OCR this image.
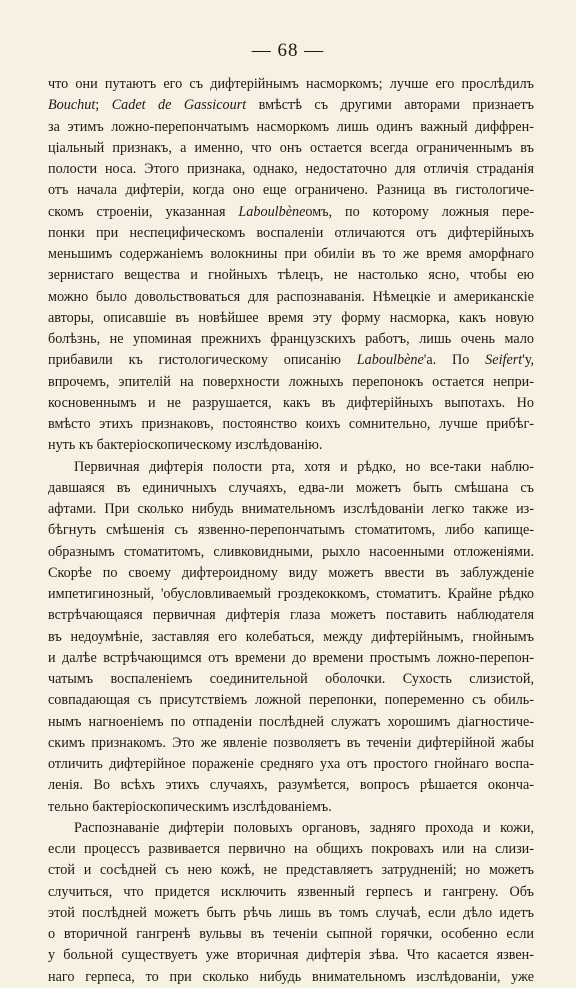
— 68 —
что они путаютъ его съ дифтерійнымъ насморкомъ; лучше его прослѣдилъ
Bouchut; Cadet de Gassicourt вмѣстѣ съ другими авторами признаетъ
за этимъ ложно-перепончатымъ насморкомъ лишь одинъ важный диффрен-
ціальный признакъ, а именно, что онъ остается всегда ограниченнымъ въ
полости носа. Этого признака, однако, недостаточно для отличія страданія
отъ начала дифтеріи, когда оно еще ограничено. Разница въ гистологиче-
скомъ строеніи, указанная Laboulbèneомъ, по которому ложныя пере-
понки при неспецифическомъ воспаленіи отличаются отъ дифтерійныхъ
меньшимъ содержаніемъ волокнины при обиліи въ то же время аморфнаго
зернистаго вещества и гнойныхъ тѣлецъ, не настолько ясно, чтобы ею
можно было довольствоваться для распознаванія. Нѣмецкіе и американскіе
авторы, описавшіе въ новѣйшее время эту форму насморка, какъ новую
болѣзнь, не упоминая прежнихъ французскихъ работъ, лишь очень мало
прибавили къ гистологическому описанію Laboulbène'а. По Seifert'у,
впрочемъ, эпителій на поверхности ложныхъ перепонокъ остается непри-
косновеннымъ и не разрушается, какъ въ дифтерійныхъ выпотахъ. Но
вмѣсто этихъ признаковъ, постоянство коихъ сомнительно, лучше прибѣг-
нуть къ бактеріоскопическому изслѣдованію.
Первичная дифтерія полости рта, хотя и рѣдко, но все-таки наблю-
давшаяся въ единичныхъ случаяхъ, едва-ли можетъ быть смѣшана съ
афтами. При сколько нибудь внимательномъ изслѣдованіи легко также из-
бѣгнуть смѣшенія съ язвенно-перепончатымъ стоматитомъ, либо капище-
образнымъ стоматитомъ, сливковидными, рыхло насоенными отложеніями.
Скорѣе по своему дифтероидному виду можетъ ввести въ заблужденіе
импетигинозный, 'обусловливаемый гроздекоккомъ, стоматитъ. Крайне рѣдко
встрѣчающаяся первичная дифтерія глаза можетъ поставить наблюдателя
въ недоумѣніе, заставляя его колебаться, между дифтерійнымъ, гнойнымъ
и далѣе встрѣчающимся отъ времени до времени простымъ ложно-перепон-
чатымъ воспаленіемъ соединительной оболочки. Сухость слизистой,
совпадающая съ присутствіемъ ложной перепонки, попеременно съ обиль-
нымъ нагноеніемъ по отпаденіи послѣдней служатъ хорошимъ діагностиче-
скимъ признакомъ. Это же явленіе позволяетъ въ теченіи дифтерійной жабы
отличить дифтерійное пораженіе средняго уха отъ простого гнойнаго воспа-
ленія. Во всѣхъ этихъ случаяхъ, разумѣется, вопросъ рѣшается оконча-
тельно бактеріоскопическимъ изслѣдованіемъ.
Распознаваніе дифтеріи половыхъ органовъ, задняго прохода и кожи,
если процессъ развивается первично на общихъ покровахъ или на слизи-
стой и сосѣдней съ нею кожѣ, не представляетъ затрудненій; но можетъ
случиться, что придется исключить язвенный герпесъ и гангрену. Объ
этой послѣдней можетъ быть рѣчь лишь въ томъ случаѣ, если дѣло идетъ
о вторичной гангренѣ вульвы въ теченіи сыпной горячки, особенно если
у больной существуетъ уже вторичная дифтерія зѣва. Что касается язвен-
наго герпеса, то при сколько нибудь внимательномъ изслѣдованіи, уже
